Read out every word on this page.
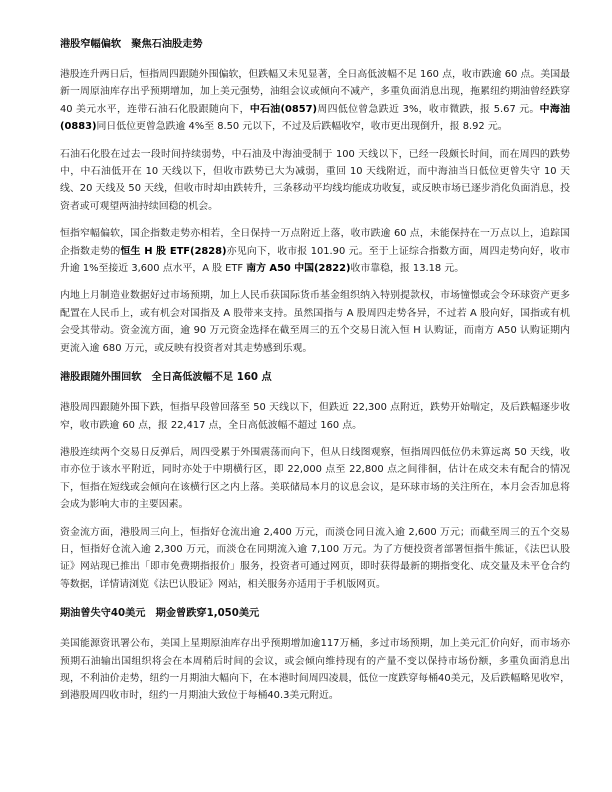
港股窄幅偏软　聚焦石油股走势

港股连升两日后，恒指周四跟随外围偏软，但跌幅又未见显著，全日高低波幅不足 160 点，收市跌逾 60 点。美国最新一周原油库存出乎预期增加，加上美元强势，油组会议或倾向不减产，多重负面消息出现，拖累纽约期油曾经跌穿 40 美元水平，连带石油石化股跟随向下，中石油(0857)周四低位曾急跌近 3%，收市微跌，报 5.67 元。中海油(0883)同日低位更曾急跌逾 4%至 8.50 元以下，不过及后跌幅收窄，收市更出现倒升，报 8.92 元。

石油石化股在过去一段时间持续弱势，中石油及中海油受制于 100 天线以下，已经一段颇长时间，而在周四的跌势中，中石油低开在 10 天线以下，但收市跌势已大为减弱，重回 10 天线附近，而中海油当日低位更曾失守 10 天线、20 天线及 50 天线，但收市时却由跌转升，三条移动平均线均能成功收复，或反映市场已逐步消化负面消息，投资者或可观望两油持续回稳的机会。

恒指窄幅偏软，国企指数走势亦相若，全日保持一万点附近上落，收市跌逾 60 点，未能保持在一万点以上，追踪国企指数走势的恒生 H 股 ETF(2828)亦见向下，收市报 101.90 元。至于上证综合指数方面，周四走势向好，收市升逾 1%至接近 3,600 点水平，A 股 ETF 南方 A50 中国(2822)收市靠稳，报 13.18 元。

内地上月制造业数据好过市场预期，加上人民币获国际货币基金组织纳入特别提款权，市场憧憬或会令环球资产更多配置在人民币上，或有机会对国指及 A 股带来支持。虽然国指与 A 股周四走势各异，不过若 A 股向好，国指或有机会受其带动。资金流方面，逾 90 万元资金选择在截至周三的五个交易日流入恒 H 认购证，而南方 A50 认购证期内更流入逾 680 万元，或反映有投资者对其走势感到乐观。

港股跟随外围回软　全日高低波幅不足 160 点

港股周四跟随外围下跌，恒指早段曾回落至 50 天线以下，但跌近 22,300 点附近，跌势开始喘定，及后跌幅逐步收窄，收市跌逾 60 点，报 22,417 点，全日高低波幅不超过 160 点。

港股连续两个交易日反弹后，周四受累于外围震荡而向下，但从日线图观察，恒指周四低位仍未算远离 50 天线，收市亦位于该水平附近，同时亦处于中期横行区，即 22,000 点至 22,800 点之间徘徊，估计在成交未有配合的情况下，恒指在短线或会倾向在该横行区之内上落。美联储局本月的议息会议，是环球市场的关注所在，本月会否加息将会成为影响大市的主要因素。

资金流方面，港股周三向上，恒指好仓流出逾 2,400 万元，而淡仓同日流入逾 2,600 万元；而截至周三的五个交易日，恒指好仓流入逾 2,300 万元，而淡仓在同期流入逾 7,100 万元。为了方便投资者部署恒指牛熊证，《法巴认股证》网站现已推出「即市免费期指报价」服务，投资者可通过网页，即时获得最新的期指变化、成交量及未平仓合约等数据，详情请浏览《法巴认股证》网站，相关服务亦适用于手机版网页。

期油曾失守40美元　期金曾跌穿1,050美元

美国能源资讯署公布，美国上星期原油库存出乎预期增加逾117万桶，多过市场预期，加上美元汇价向好，而市场亦预期石油输出国组织将会在本周稍后时间的会议，或会倾向维持现有的产量不变以保持市场份额，多重负面消息出现，不利油价走势，纽约一月期油大幅向下，在本港时间周四凌晨，低位一度跌穿每桶40美元，及后跌幅略见收窄，到港股周四收市时，纽约一月期油大致位于每桶40.3美元附近。
